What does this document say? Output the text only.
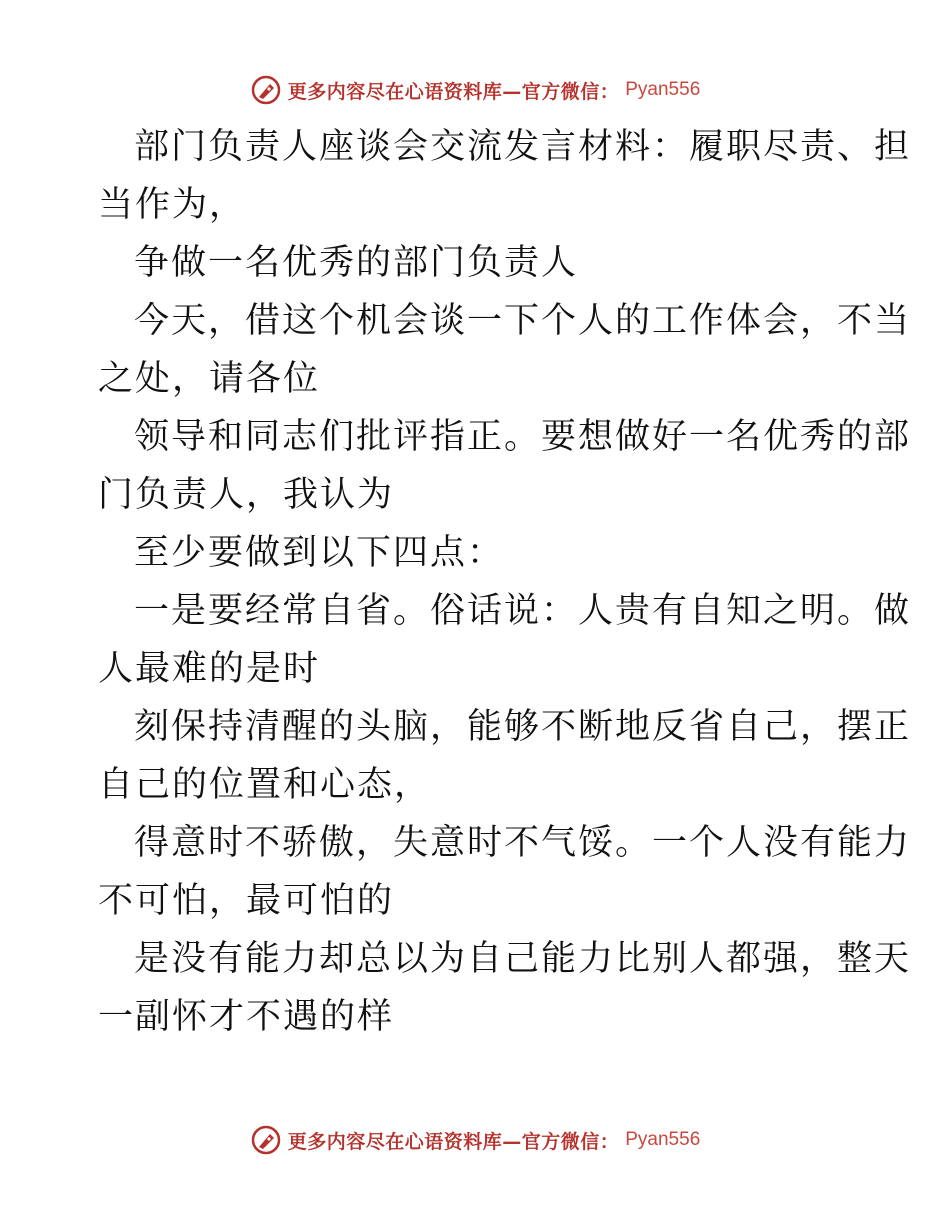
更多内容尽在心语资料库—官方微信： Pyan556
部门负责人座谈会交流发言材料：履职尽责、担
当作为，
争做一名优秀的部门负责人
今天，借这个机会谈一下个人的工作体会，不当
之处，请各位
领导和同志们批评指正。要想做好一名优秀的部
门负责人，我认为
至少要做到以下四点：
一是要经常自省。俗话说：人贵有自知之明。做
人最难的是时
刻保持清醒的头脑，能够不断地反省自己，摆正
自己的位置和心态，
得意时不骄傲，失意时不气馁。一个人没有能力
不可怕，最可怕的
是没有能力却总以为自己能力比别人都强，整天
一副怀才不遇的样
更多内容尽在心语资料库—官方微信： Pyan556
